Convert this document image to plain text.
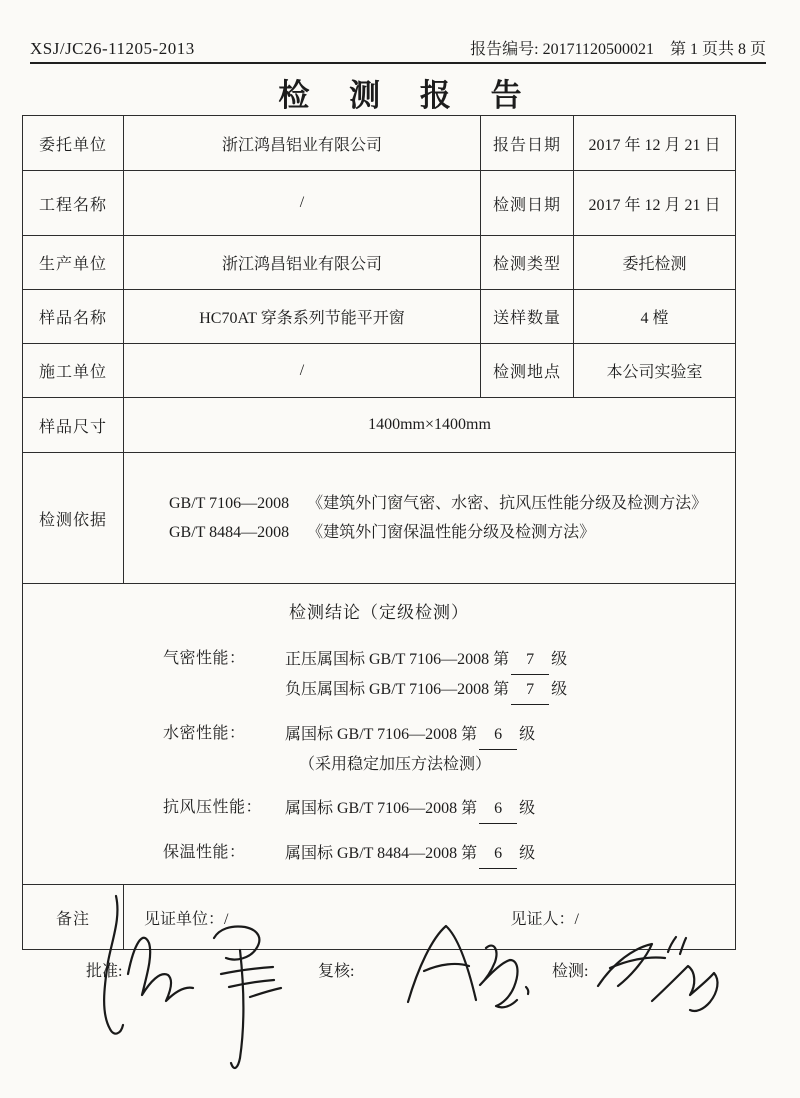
XSJ/JC26-11205-2013	报告编号: 20171120500021 第 1 页共 8 页
检 测 报 告
委托单位	浙江鸿昌铝业有限公司	报告日期	2017 年 12 月 21 日
工程名称	/	检测日期	2017 年 12 月 21 日
生产单位	浙江鸿昌铝业有限公司	检测类型	委托检测
样品名称	HC70AT 穿条系列节能平开窗	送样数量	4 樘
施工单位	/	检测地点	本公司实验室
样品尺寸	1400mm×1400mm		
检测依据	GB/T 7106—2008 《建筑外门窗气密、水密、抗风压性能分级及检测方法》
GB/T 8484—2008 《建筑外门窗保温性能分级及检测方法》		

检测结论（定级检测）
气密性能：	正压属国标 GB/T 7106—2008 第 7 级
负压属国标 GB/T 7106—2008 第 7 级
水密性能：	属国标 GB/T 7106—2008 第 6 级
（采用稳定加压方法检测）
抗风压性能：	属国标 GB/T 7106—2008 第 6 级
保温性能：	属国标 GB/T 8484—2008 第 6 级

备注	见证单位：/ 见证人：/		
批准:	复核:	检测:
